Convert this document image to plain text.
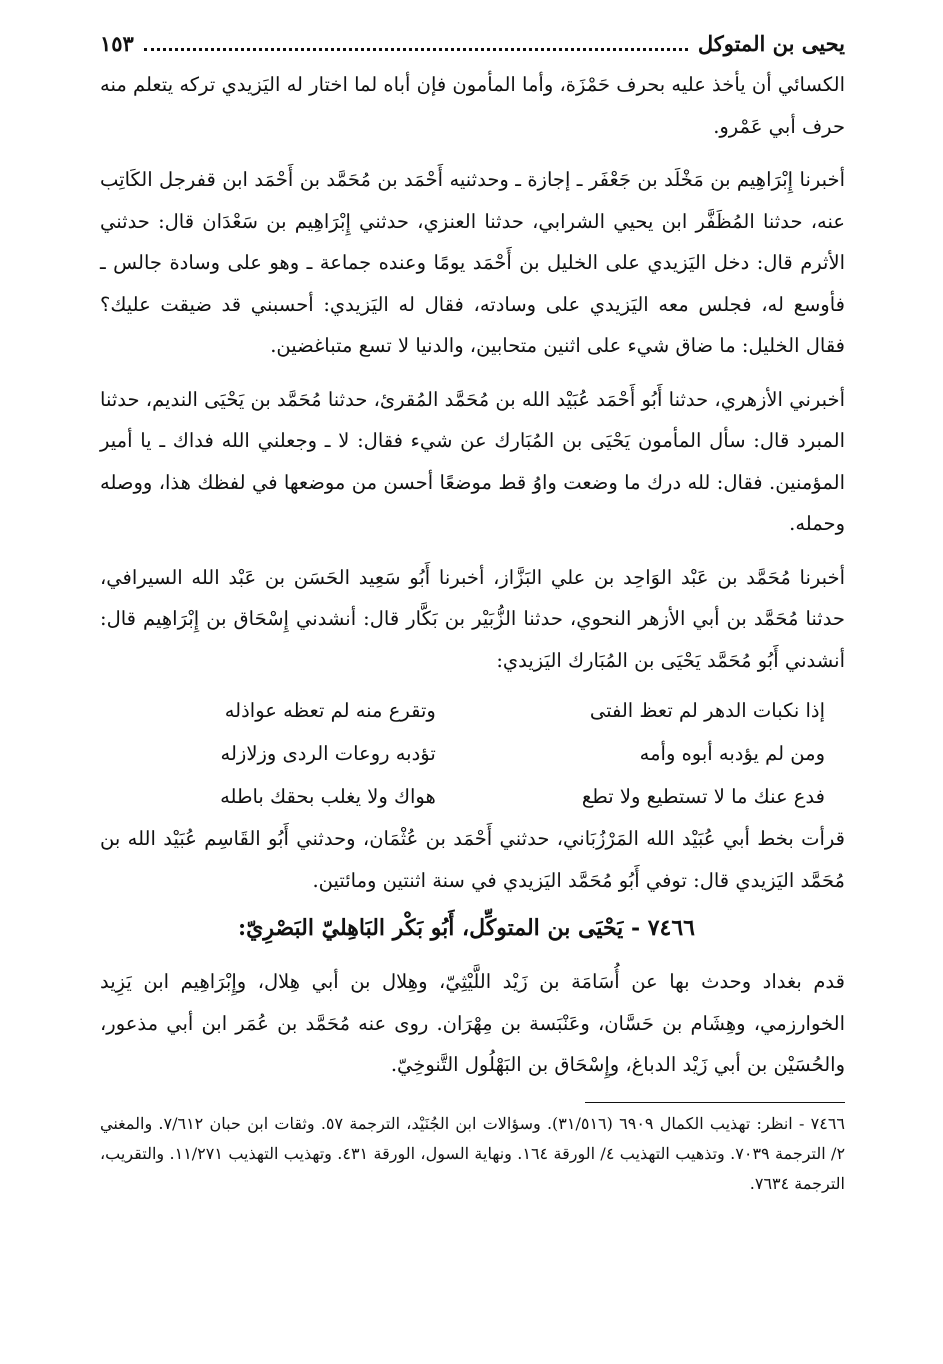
يحيى بن المتوكل
١٥٣

الكسائي أن يأخذ عليه بحرف حَمْزَة، وأما المأمون فإن أباه لما اختار له اليَزيدي تركه يتعلم منه حرف أبي عَمْرو.

أخبرنا إِبْرَاهِيم بن مَخْلَد بن جَعْفَر ـ إجازة ـ وحدثنيه أَحْمَد بن مُحَمَّد بن أَحْمَد ابن قفرجل الكَاتِب عنه، حدثنا المُظَفَّر ابن يحيي الشرابي، حدثنا العنزي، حدثني إِبْرَاهِيم بن سَعْدَان قال: حدثني الأثرم قال: دخل اليَزيدي على الخليل بن أَحْمَد يومًا وعنده جماعة ـ وهو على وسادة جالس ـ فأوسع له، فجلس معه اليَزيدي على وسادته، فقال له اليَزيدي: أحسبني قد ضيقت عليك؟ فقال الخليل: ما ضاق شيء على اثنين متحابين، والدنيا لا تسع متباغضين.

أخبرني الأزهري، حدثنا أَبُو أَحْمَد عُبَيْد الله بن مُحَمَّد المُقرئ، حدثنا مُحَمَّد بن يَحْيَى النديم، حدثنا المبرد قال: سأل المأمون يَحْيَى بن المُبَارك عن شيء فقال: لا ـ وجعلني الله فداك ـ يا أمير المؤمنين. فقال: لله درك ما وضعت واوُ قط موضعًا أحسن من موضعها في لفظك هذا، ووصله وحمله.

أخبرنا مُحَمَّد بن عَبْد الوَاحِد بن علي البَزَّاز، أخبرنا أَبُو سَعِيد الحَسَن بن عَبْد الله السيرافي، حدثنا مُحَمَّد بن أبي الأزهر النحوي، حدثنا الزُّبَيْر بن بَكَّار قال: أنشدني إِسْحَاق بن إِبْرَاهِيم قال: أنشدني أَبُو مُحَمَّد يَحْيَى بن المُبَارك اليَزيدي:

إذا نكبات الدهر لم تعظ الفتى
وتقرع منه لم تعظه عواذله
ومن لم يؤدبه أبوه وأمه
تؤدبه روعات الردى وزلازله
فدع عنك ما لا تستطيع ولا تطع
هواك ولا يغلب بحقك باطله

قرأت بخط أبي عُبَيْد الله المَرْزُبَاني، حدثني أَحْمَد بن عُثْمَان، وحدثني أَبُو القَاسِم عُبَيْد الله بن مُحَمَّد اليَزيدي قال: توفي أَبُو مُحَمَّد اليَزيدي في سنة اثنتين ومائتين.

٧٤٦٦ - يَحْيَى بن المتوكِّل، أَبُو بَكْر البَاهِليّ البَصْرِيّ:

قدم بغداد وحدث بها عن أُسَامَة بن زَيْد اللَّيْثِيّ، وهِلال بن أبي هِلال، وإِبْرَاهِيم ابن يَزِيد الخوارزمي، وهِشَام بن حَسَّان، وعَنْبَسة بن مِهْرَان. روى عنه مُحَمَّد بن عُمَر ابن أبي مذعور، والحُسَيْن بن أبي زَيْد الدباغ، وإِسْحَاق بن البَهْلُول التَّنوخِيّ.

٧٤٦٦ - انظر: تهذيب الكمال ٦٩٠٩ (٣١/٥١٦). وسؤالات ابن الجُنَيْد، الترجمة ٥٧. وثقات ابن حبان ٧/٦١٢. والمغني ٢/ الترجمة ٧٠٣٩. وتذهيب التهذيب ٤/ الورقة ١٦٤. ونهاية السول، الورقة ٤٣١. وتهذيب التهذيب ١١/٢٧١. والتقريب، الترجمة ٧٦٣٤.
